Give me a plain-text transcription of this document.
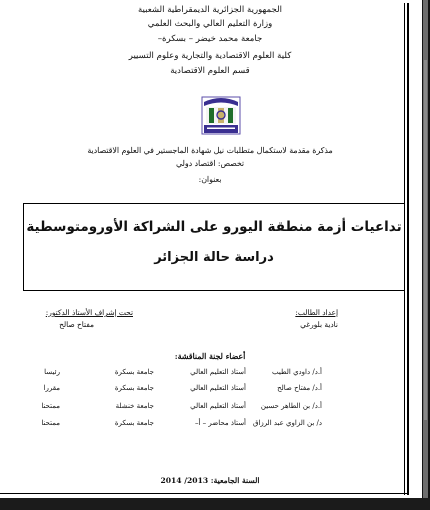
الجمهورية الجزائرية الديمقراطية الشعبية
وزارة التعليم العالي والبحث العلمي
جامعة محمد خيضر – بسكرة–
كلية العلوم الاقتصادية والتجارية وعلوم التسيير
قسم العلوم الاقتصادية
مذكرة مقدمة لاستكمال متطلبات نيل شهادة الماجستير في العلوم الاقتصادية
تخصص: اقتصاد دولي
بعنوان:
تداعيات أزمة منطقة اليورو على الشراكة الأورومتوسطية
دراسة حالة الجزائر
إعداد الطالب:
نادية بلورغي
تحت إشراف الأستاذ الدكتور:
مفتاح صالح
أعضاء لجنة المناقشة:
أ.د/ داودي الطيب
أستاذ التعليم العالي
جامعة بسكرة
رئيسا
أ.د/ مفتاح صالح
أستاذ التعليم العالي
جامعة بسكرة
مقررا
أ.د/ بن الطاهر حسين
أستاذ التعليم العالي
جامعة خنشلة
ممتحنا
د/ بن الزاوي عبد الرزاق
أستاذ محاضر – أ–
جامعة بسكرة
ممتحنا
السنة الجامعية: 2013/ 2014
